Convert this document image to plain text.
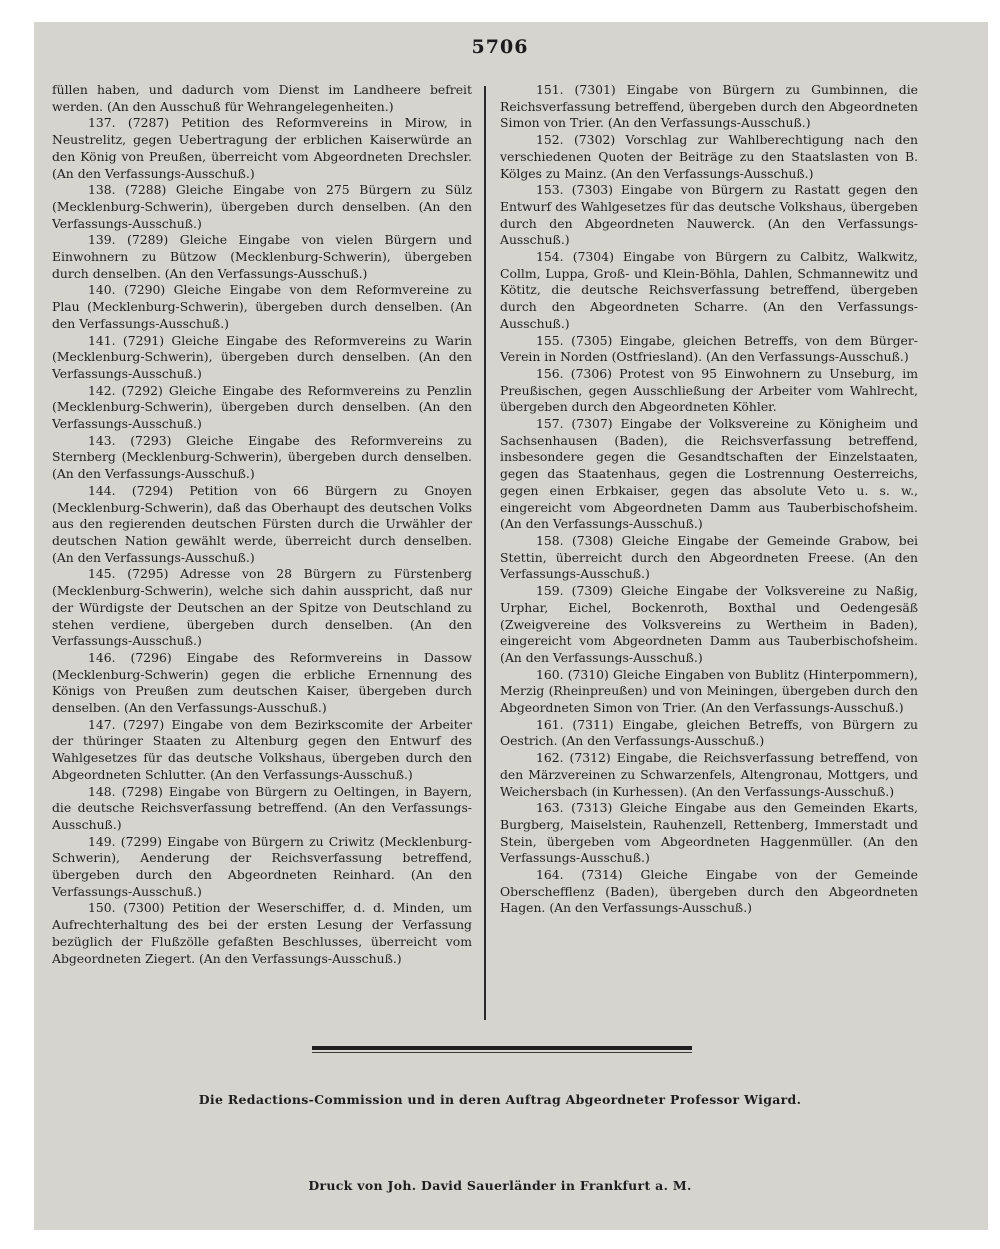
5706

füllen haben, und dadurch vom Dienst im Landheere befreit werden. (An den Ausschuß für Wehrangelegenheiten.)

137. (7287) Petition des Reformvereins in Mirow, in Neustrelitz, gegen Uebertragung der erblichen Kaiserwürde an den König von Preußen, überreicht vom Abgeordneten Drechsler. (An den Verfassungs-Ausschuß.)

138. (7288) Gleiche Eingabe von 275 Bürgern zu Sülz (Mecklenburg-Schwerin), übergeben durch denselben. (An den Verfassungs-Ausschuß.)

139. (7289) Gleiche Eingabe von vielen Bürgern und Einwohnern zu Bützow (Mecklenburg-Schwerin), übergeben durch denselben. (An den Verfassungs-Ausschuß.)

140. (7290) Gleiche Eingabe von dem Reformvereine zu Plau (Mecklenburg-Schwerin), übergeben durch denselben. (An den Verfassungs-Ausschuß.)

141. (7291) Gleiche Eingabe des Reformvereins zu Warin (Mecklenburg-Schwerin), übergeben durch denselben. (An den Verfassungs-Ausschuß.)

142. (7292) Gleiche Eingabe des Reformvereins zu Penzlin (Mecklenburg-Schwerin), übergeben durch denselben. (An den Verfassungs-Ausschuß.)

143. (7293) Gleiche Eingabe des Reformvereins zu Sternberg (Mecklenburg-Schwerin), übergeben durch denselben. (An den Verfassungs-Ausschuß.)

144. (7294) Petition von 66 Bürgern zu Gnoyen (Mecklenburg-Schwerin), daß das Oberhaupt des deutschen Volks aus den regierenden deutschen Fürsten durch die Urwähler der deutschen Nation gewählt werde, überreicht durch denselben. (An den Verfassungs-Ausschuß.)

145. (7295) Adresse von 28 Bürgern zu Fürstenberg (Mecklenburg-Schwerin), welche sich dahin ausspricht, daß nur der Würdigste der Deutschen an der Spitze von Deutschland zu stehen verdiene, übergeben durch denselben. (An den Verfassungs-Ausschuß.)

146. (7296) Eingabe des Reformvereins in Dassow (Mecklenburg-Schwerin) gegen die erbliche Ernennung des Königs von Preußen zum deutschen Kaiser, übergeben durch denselben. (An den Verfassungs-Ausschuß.)

147. (7297) Eingabe von dem Bezirkscomite der Arbeiter der thüringer Staaten zu Altenburg gegen den Entwurf des Wahlgesetzes für das deutsche Volkshaus, übergeben durch den Abgeordneten Schlutter. (An den Verfassungs-Ausschuß.)

148. (7298) Eingabe von Bürgern zu Oeltingen, in Bayern, die deutsche Reichsverfassung betreffend. (An den Verfassungs-Ausschuß.)

149. (7299) Eingabe von Bürgern zu Criwitz (Mecklenburg-Schwerin), Aenderung der Reichsverfassung betreffend, übergeben durch den Abgeordneten Reinhard. (An den Verfassungs-Ausschuß.)

150. (7300) Petition der Weserschiffer, d. d. Minden, um Aufrechterhaltung des bei der ersten Lesung der Verfassung bezüglich der Flußzölle gefaßten Beschlusses, überreicht vom Abgeordneten Ziegert. (An den Verfassungs-Ausschuß.)

151. (7301) Eingabe von Bürgern zu Gumbinnen, die Reichsverfassung betreffend, übergeben durch den Abgeordneten Simon von Trier. (An den Verfassungs-Ausschuß.)

152. (7302) Vorschlag zur Wahlberechtigung nach den verschiedenen Quoten der Beiträge zu den Staatslasten von B. Kölges zu Mainz. (An den Verfassungs-Ausschuß.)

153. (7303) Eingabe von Bürgern zu Rastatt gegen den Entwurf des Wahlgesetzes für das deutsche Volkshaus, übergeben durch den Abgeordneten Nauwerck. (An den Verfassungs-Ausschuß.)

154. (7304) Eingabe von Bürgern zu Calbitz, Walkwitz, Collm, Luppa, Groß- und Klein-Böhla, Dahlen, Schmannewitz und Kötitz, die deutsche Reichsverfassung betreffend, übergeben durch den Abgeordneten Scharre. (An den Verfassungs-Ausschuß.)

155. (7305) Eingabe, gleichen Betreffs, von dem Bürger-Verein in Norden (Ostfriesland). (An den Verfassungs-Ausschuß.)

156. (7306) Protest von 95 Einwohnern zu Unseburg, im Preußischen, gegen Ausschließung der Arbeiter vom Wahlrecht, übergeben durch den Abgeordneten Köhler.

157. (7307) Eingabe der Volksvereine zu Königheim und Sachsenhausen (Baden), die Reichsverfassung betreffend, insbesondere gegen die Gesandtschaften der Einzelstaaten, gegen das Staatenhaus, gegen die Lostrennung Oesterreichs, gegen einen Erbkaiser, gegen das absolute Veto u. s. w., eingereicht vom Abgeordneten Damm aus Tauberbischofsheim. (An den Verfassungs-Ausschuß.)

158. (7308) Gleiche Eingabe der Gemeinde Grabow, bei Stettin, überreicht durch den Abgeordneten Freese. (An den Verfassungs-Ausschuß.)

159. (7309) Gleiche Eingabe der Volksvereine zu Naßig, Urphar, Eichel, Bockenroth, Boxthal und Oedengesäß (Zweigvereine des Volksvereins zu Wertheim in Baden), eingereicht vom Abgeordneten Damm aus Tauberbischofsheim. (An den Verfassungs-Ausschuß.)

160. (7310) Gleiche Eingaben von Bublitz (Hinterpommern), Merzig (Rheinpreußen) und von Meiningen, übergeben durch den Abgeordneten Simon von Trier. (An den Verfassungs-Ausschuß.)

161. (7311) Eingabe, gleichen Betreffs, von Bürgern zu Oestrich. (An den Verfassungs-Ausschuß.)

162. (7312) Eingabe, die Reichsverfassung betreffend, von den Märzvereinen zu Schwarzenfels, Altengronau, Mottgers, und Weichersbach (in Kurhessen). (An den Verfassungs-Ausschuß.)

163. (7313) Gleiche Eingabe aus den Gemeinden Ekarts, Burgberg, Maiselstein, Rauhenzell, Rettenberg, Immerstadt und Stein, übergeben vom Abgeordneten Haggenmüller. (An den Verfassungs-Ausschuß.)

164. (7314) Gleiche Eingabe von der Gemeinde Oberschefflenz (Baden), übergeben durch den Abgeordneten Hagen. (An den Verfassungs-Ausschuß.)

Die Redactions-Commission und in deren Auftrag Abgeordneter Professor Wigard.
Druck von Joh. David Sauerländer in Frankfurt a. M.
